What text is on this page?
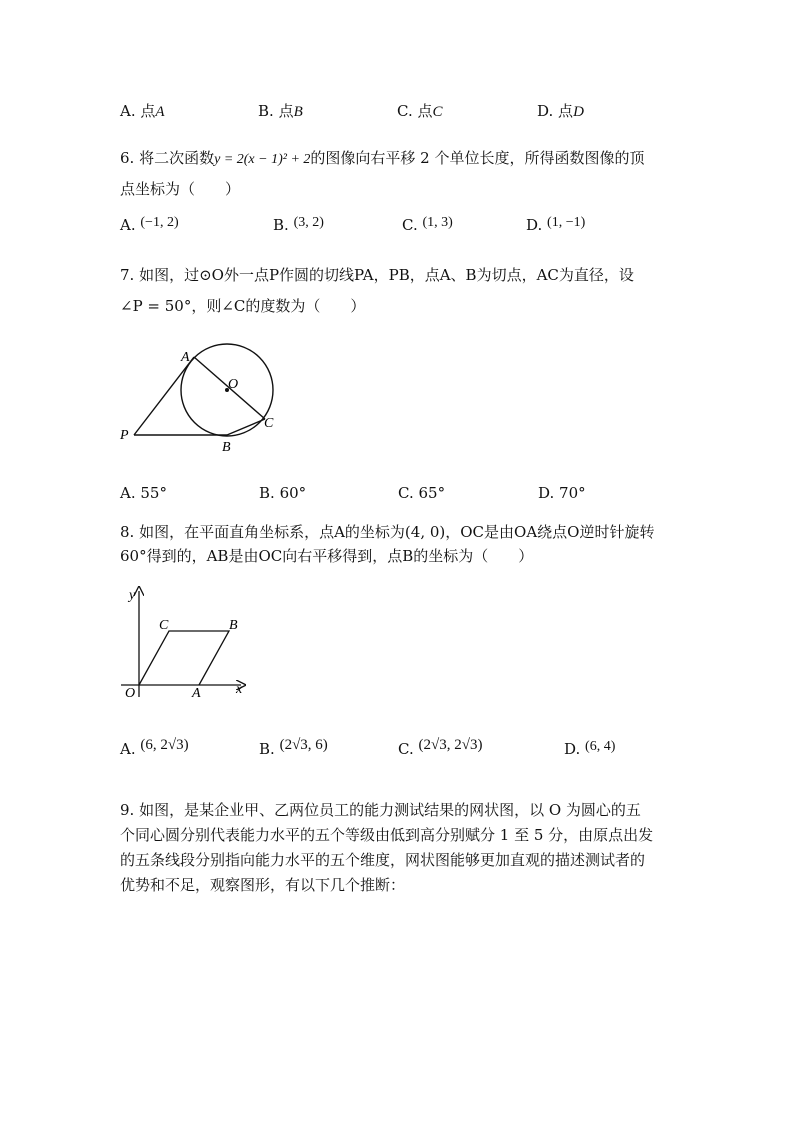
A. 点A	B. 点B	C. 点C	D. 点D
6. 将二次函数y = 2(x − 1)² + 2的图像向右平移 2 个单位长度，所得函数图像的顶
点坐标为（　　）
A. (−1, 2)	B. (3, 2)	C. (1, 3)	D. (1, −1)
7. 如图，过⊙O外一点P作圆的切线PA，PB，点A、B为切点，AC为直径，设
∠P = 50°，则∠C的度数为（　　）
A
O
C
P
B
A. 55°	B. 60°	C. 65°	D. 70°
8. 如图，在平面直角坐标系，点A的坐标为(4, 0)，OC是由OA绕点O逆时针旋转
60°得到的，AB是由OC向右平移得到，点B的坐标为（　　）
y
x
O	A
B
C
A. (6, 2√3)	B. (2√3, 6)	C. (2√3, 2√3)	D. (6, 4)
9. 如图，是某企业甲、乙两位员工的能力测试结果的网状图，以 O 为圆心的五
个同心圆分别代表能力水平的五个等级由低到高分别赋分 1 至 5 分，由原点出发
的五条线段分别指向能力水平的五个维度，网状图能够更加直观的描述测试者的
优势和不足，观察图形，有以下几个推断：
